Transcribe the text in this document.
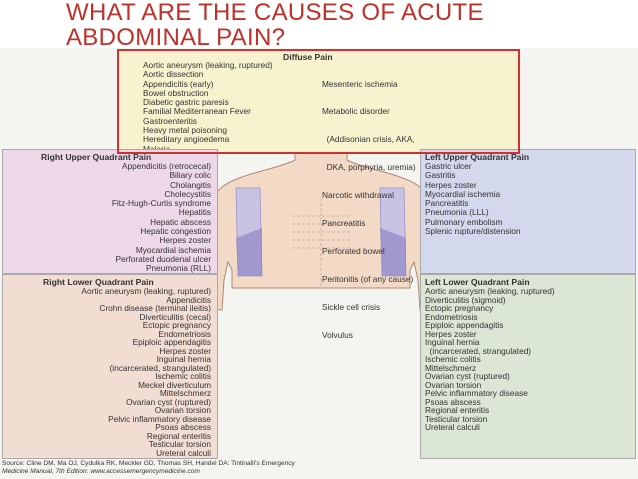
WHAT ARE THE CAUSES OF ACUTE
ABDOMINAL PAIN?
Diffuse Pain
Aortic aneurysm (leaking, ruptured)
Aortic dissection
Appendicitis (early)
Bowel obstruction
Diabetic gastric paresis
Familial Mediterranean Fever
Gastroenteritis
Heavy metal poisoning
Hereditary angioedema

Mesenteric ischemia

Metabolic disorder

(Addisonian crisis, AKA,

DKA, porphyria, uremia)

Narcotic withdrawal

Pancreatitis

Perforated bowel

Peritonitis (of any cause)

Sickle cell crisis

Volvulus

Right Upper Quadrant Pain
Appendicitis (retrocecal)
Biliary colic
Cholangitis
Cholecystitis
Fitz-Hugh-Curtis syndrome
Hepatitis
Hepatic abscess
Hepatic congestion
Herpes zoster
Myocardial ischemia
Perforated duodenal ulcer
Pneumonia (RLL)
Left Upper Quadrant Pain
Gastric ulcer
Gastritis
Herpes zoster
Myocardial ischemia
Pancreatitis
Pneumonia (LLL)
Pulmonary embolism
Splenic rupture/distension
Right Lower Quadrant Pain
Aortic aneurysm (leaking, ruptured)
Appendicitis
Crohn disease (terminal ileitis)
Diverticulitis (cecal)
Ectopic pregnancy
Endometriosis
Epiploic appendagitis
Herpes zoster
Inguinal hernia
(incarcerated, strangulated)
Ischemic colitis
Meckel diverticulum
Mittelschmerz
Ovarian cyst (ruptured)
Ovarian torsion
Pelvic inflammatory disease
Psoas abscess
Regional enteritis
Testicular torsion
Ureteral calculi
Left Lower Quadrant Pain
Aortic aneurysm (leaking, ruptured)
Diverticulitis (sigmoid)
Ectopic pregnancy
Endometriosis
Epiploic appendagitis
Herpes zoster
Inguinal hernia
(incarcerated, strangulated)
Ischemic colitis
Mittelschmerz
Ovarian cyst (ruptured)
Ovarian torsion
Pelvic inflammatory disease
Psoas abscess
Regional enteritis
Testicular torsion
Ureteral calculi
Source: Cline DM, Ma OJ, Cydulka RK, Meckler GD, Thomas SH, Handel DA: Tintinalli's Emergency
Medicine Manual, 7th Edition: www.accessemergencymedicine.com
